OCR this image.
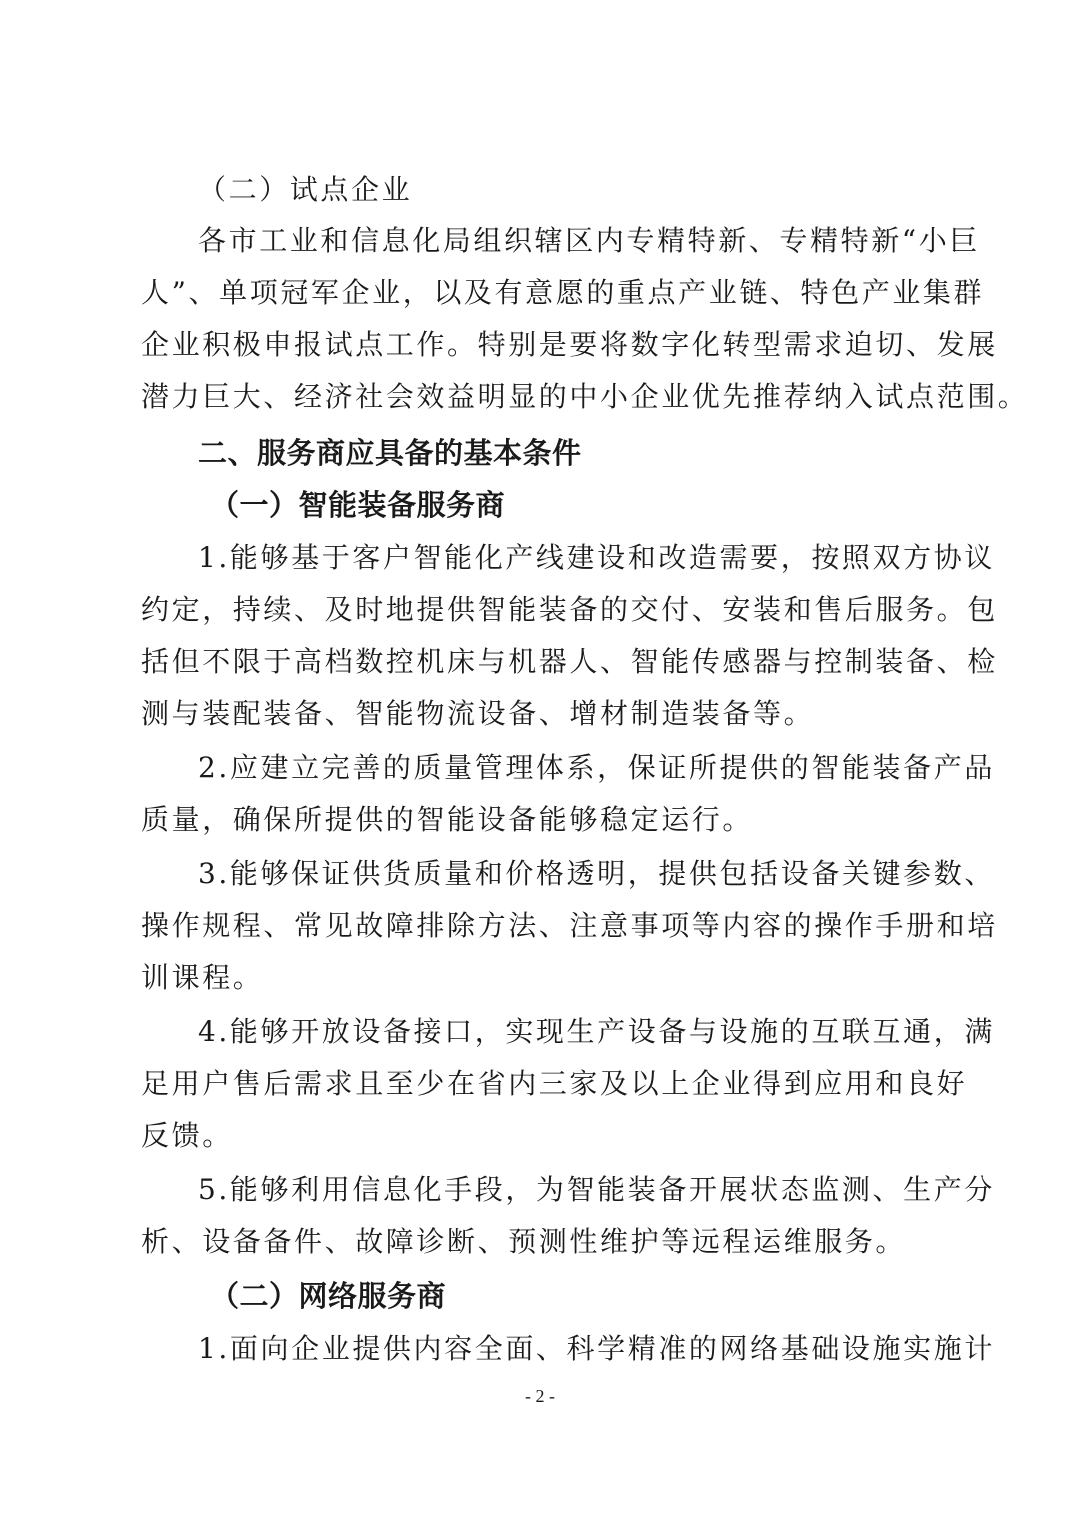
（二）试点企业
各市工业和信息化局组织辖区内专精特新、专精特新“小巨
人”、单项冠军企业，以及有意愿的重点产业链、特色产业集群
企业积极申报试点工作。特别是要将数字化转型需求迫切、发展
潜力巨大、经济社会效益明显的中小企业优先推荐纳入试点范围。
二、服务商应具备的基本条件
（一）智能装备服务商
1.能够基于客户智能化产线建设和改造需要，按照双方协议
约定，持续、及时地提供智能装备的交付、安装和售后服务。包
括但不限于高档数控机床与机器人、智能传感器与控制装备、检
测与装配装备、智能物流设备、增材制造装备等。
2.应建立完善的质量管理体系，保证所提供的智能装备产品
质量，确保所提供的智能设备能够稳定运行。
3.能够保证供货质量和价格透明，提供包括设备关键参数、
操作规程、常见故障排除方法、注意事项等内容的操作手册和培
训课程。
4.能够开放设备接口，实现生产设备与设施的互联互通，满
足用户售后需求且至少在省内三家及以上企业得到应用和良好
反馈。
5.能够利用信息化手段，为智能装备开展状态监测、生产分
析、设备备件、故障诊断、预测性维护等远程运维服务。
（二）网络服务商
1.面向企业提供内容全面、科学精准的网络基础设施实施计
- 2 -
